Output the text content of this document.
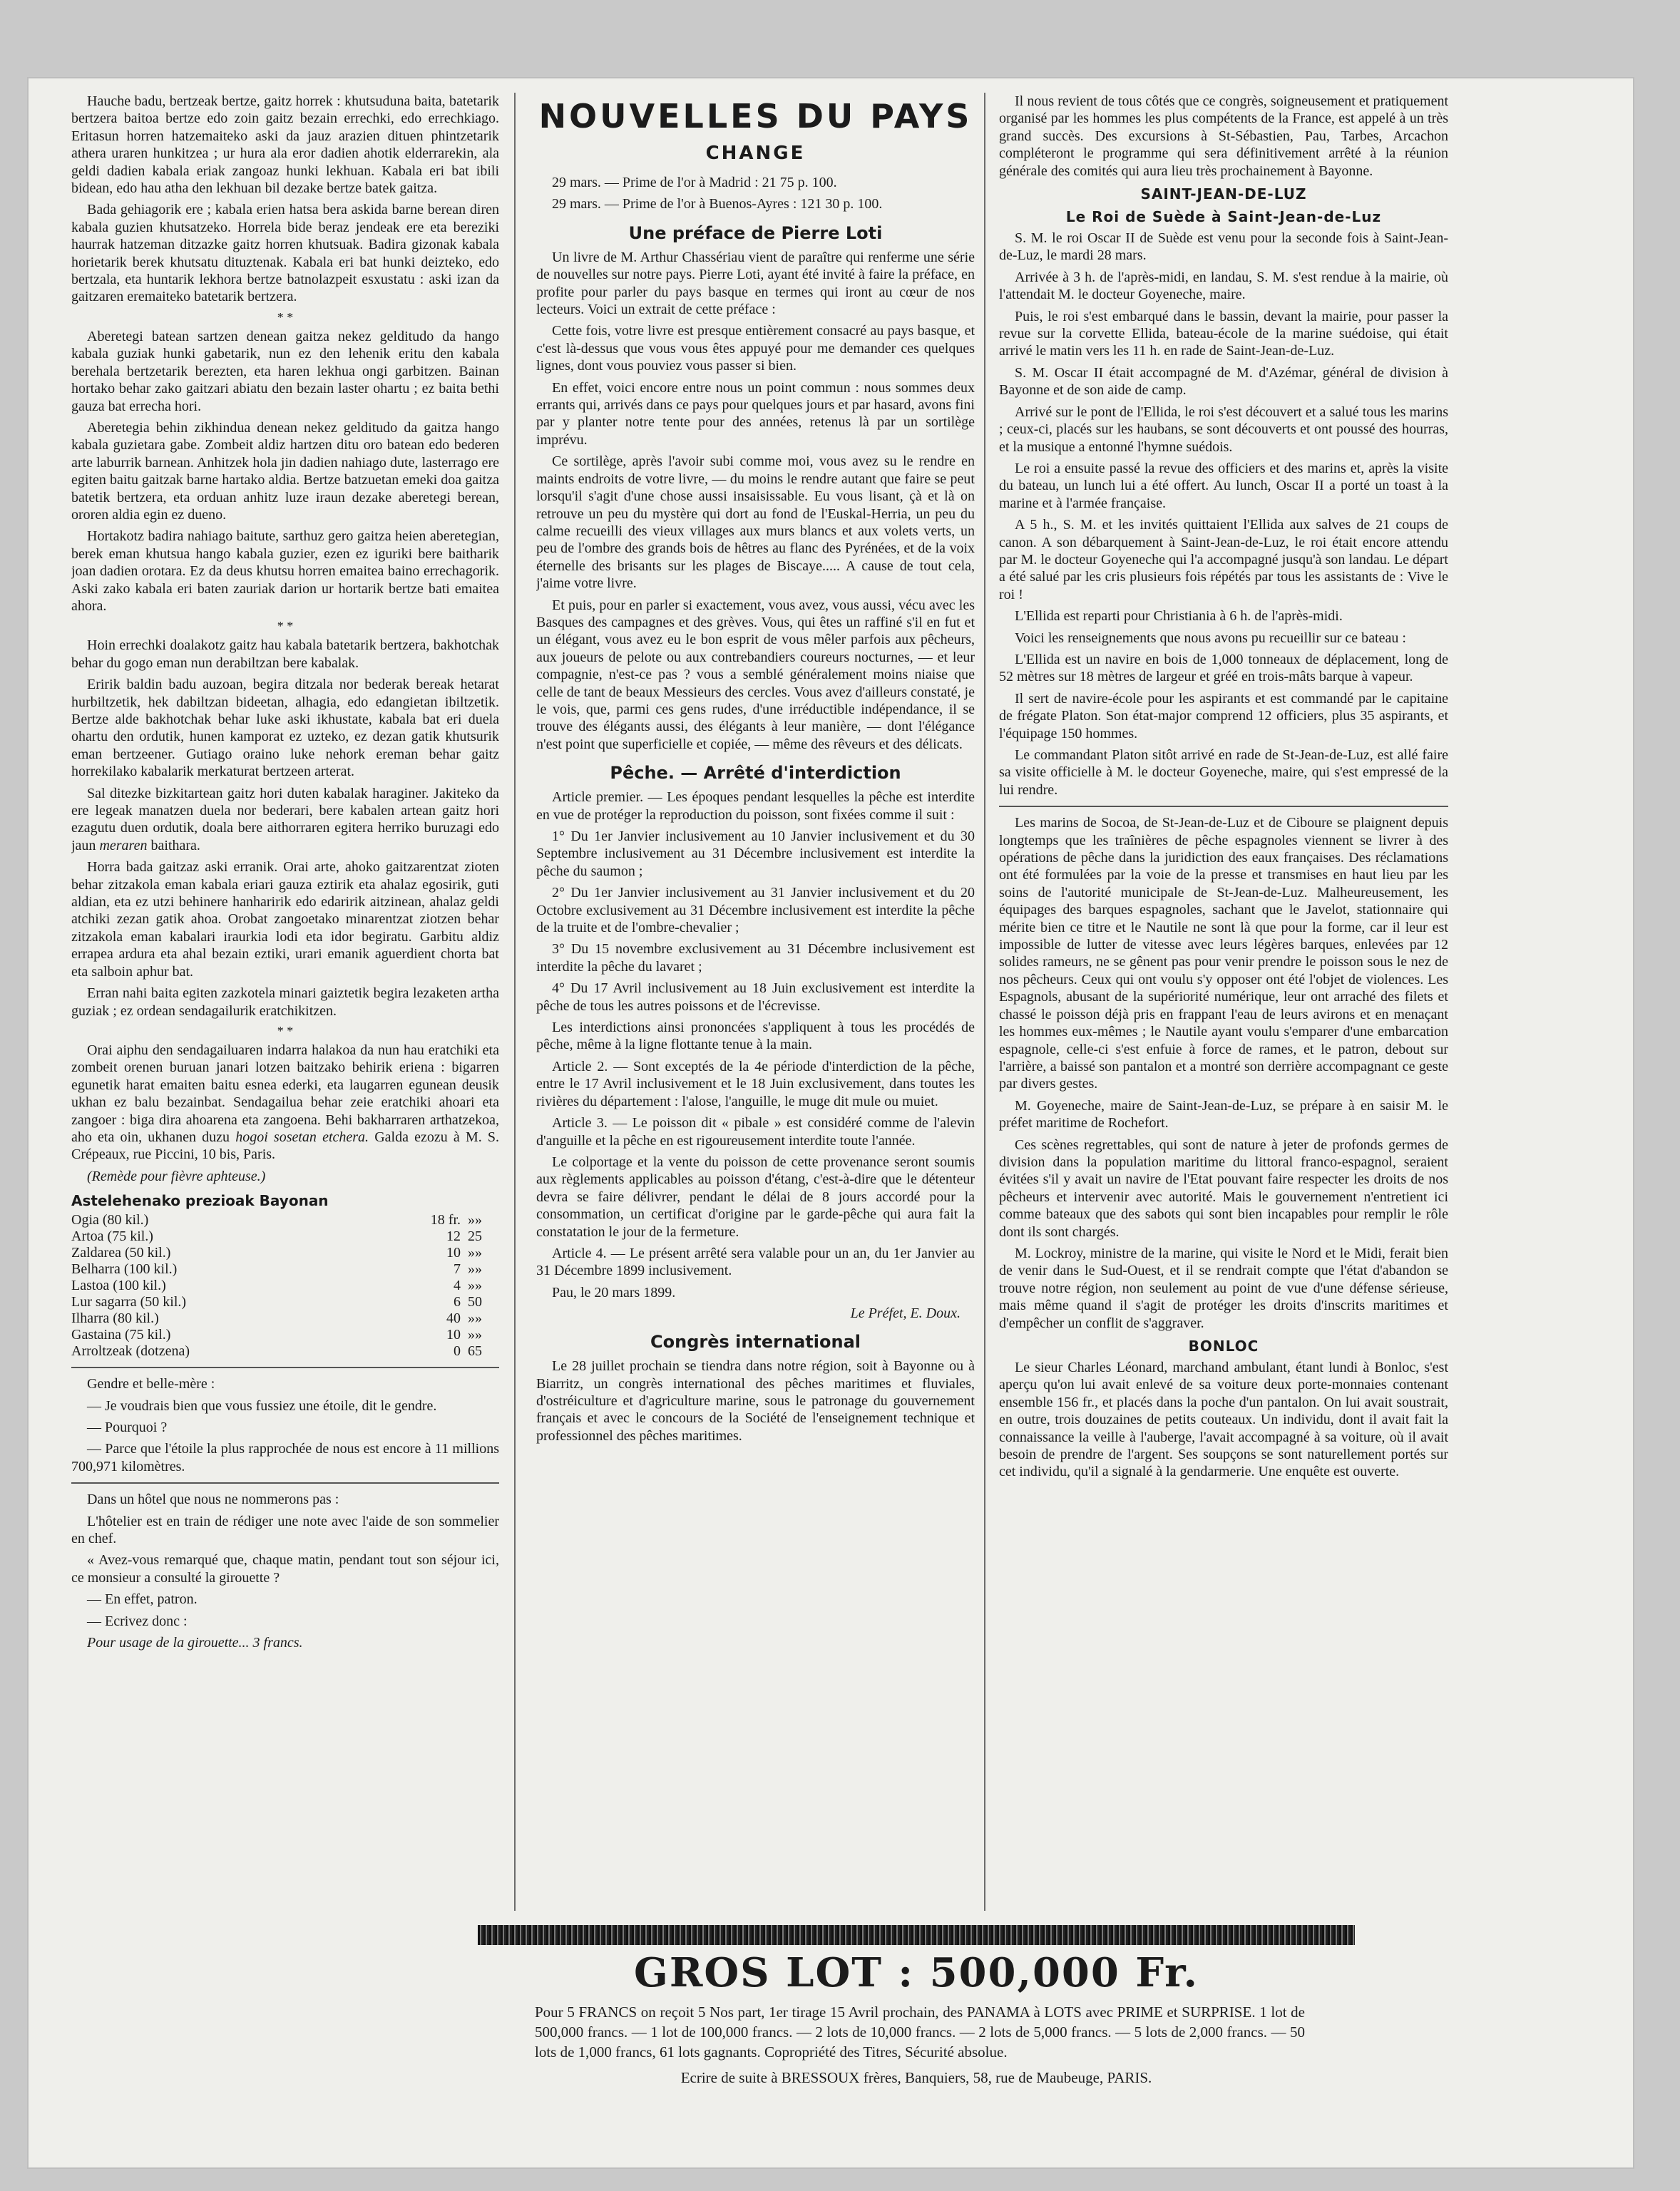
Hauche badu, bertzeak bertze, gaitz horrek : khutsuduna baita, batetarik bertzera baitoa bertze edo zoin gaitz bezain errechki, edo errechkiago. Eritasun horren hatzemaiteko aski da jauz arazien dituen phintzetarik athera uraren hunkitzea ; ur hura ala eror dadien ahotik elderrarekin, ala geldi dadien kabala eriak zangoaz hunki lekhuan. Kabala eri bat ibili bidean, edo hau atha den lekhuan bil dezake bertze batek gaitza.

Bada gehiagorik ere ; kabala erien hatsa bera askida barne berean diren kabala guzien khutsatzeko. Horrela bide beraz jendeak ere eta berezikі haurrak hatzeman ditzazke gaitz horren khutsuak. Badira gizonak kabala horietarik berek khutsatu dituztenak. Kabala eri bat hunki deizteko, edo bertzala, eta huntarik lekhora bertze batnolazpeit esxustatu : aski izan da gaitzaren eremaiteko batetarik bertzera.

* *

Aberetegi batean sartzen denean gaitza nekez gelditudo da hango kabala guziak hunki gabetarik, nun ez den lehenik eritu den kabala berehala bertzetarik berezten, eta haren lekhua ongi garbitzen. Bainan hortako behar zako gaitzari abiatu den bezain laster ohartu ; ez baita bethi gauza bat errecha hori.

Aberetegia behin zikhindua denean nekez gelditudo da gaitza hango kabala guzietara gabe. Zombeit aldiz hartzen ditu oro batean edo bederen arte laburrik barnean. Anhitzek hola jin dadien nahiago dute, lasterrago ere egiten baitu gaitzak barne hartako aldia. Bertze batzuetan emeki doa gaitza batetik bertzera, eta orduan anhitz luze iraun dezake aberetegi berean, ororen aldia egin ez dueno.

Hortakotz badira nahiago baitute, sarthuz gero gaitza heien aberetegian, berek eman khutsua hango kabala guzier, ezen ez iguriki bere baitharik joan dadien orotara. Ez da deus khutsu horren emaitea baino errechagorik. Aski zako kabala eri baten zauriak darion ur hortarik bertze bati emaitea ahora.

* *

Hoin errechki doalakotz gaitz hau kabala batetarik bertzera, bakhotchak behar du gogo eman nun derabiltzan bere kabalak.

Eririk baldin badu auzoan, begira ditzala nor bederak bereak hetarat hurbiltzetik, hek dabiltzan bideetan, alhagia, edo edangietan ibiltzetik. Bertze alde bakhotchak behar luke aski ikhustate, kabala bat eri duela ohartu den ordutik, hunen kamporat ez uzteko, ez dezan gatik khutsurik eman bertzeener. Gutiago oraino luke nehork ereman behar gaitz horrekilako kabalarik merkaturat bertzeen arterat.

Sal ditezke bizkitartean gaitz hori duten kabalak haraginer. Jakiteko da ere legeak manatzen duela nor bederari, bere kabalen artean gaitz hori ezagutu duen ordutik, doala bere aithorraren egitera herriko buruzagi edo jaun meraren baithara.

Horra bada gaitzaz aski erranik. Orai arte, ahoko gaitzarentzat zioten behar zitzakola eman kabala eriari gauza eztirik eta ahalaz egosirik, guti aldian, eta ez utzi behinere hanharirik edo edaririk aitzinean, ahalaz geldi atchiki zezan gatik ahoa. Orobat zangoetako minarentzat ziotzen behar zitzakola eman kabalari iraurkia lodi eta idor begiratu. Garbitu aldiz errapea ardura eta ahal bezain eztiki, urari emanik aguerdient chorta bat eta salboin aphur bat.

Erran nahi baita egiten zazkotela minari gaiztetik begira lezaketen artha guziak ; ez ordean sendagailurik eratchikitzen.

* *

Orai aiphu den sendagailuaren indarra halakoa da nun hau eratchiki eta zombeit orenen buruan janari lotzen baitzako behirik eriena : bigarren egunetik harat emaiten baitu esnea ederki, eta laugarren egunean deusik ukhan ez balu bezainbat. Sendagailua behar zeie eratchiki ahoari eta zangoer : biga dira ahoarena eta zangoena. Behi bakharraren arthatzekoa, aho eta oin, ukhanen duzu hogoi sosetan etchera. Galda ezozu à M. S. Crépeaux, rue Piccini, 10 bis, Paris.

(Remède pour fièvre aphteuse.)

Astelehenako prezioak Bayonan
Ogia (80 kil.)	18 fr.	»»
Artoa (75 kil.)	12	25
Zaldarea (50 kil.)	10	»»
Belharra (100 kil.)	7	»»
Lastoa (100 kil.)	4	»»
Lur sagarra (50 kil.)	6	50
Ilharra (80 kil.)	40	»»
Gastaina (75 kil.)	10	»»
Arroltzeak (dotzena)	0	65

Gendre et belle-mère :

— Je voudrais bien que vous fussiez une étoile, dit le gendre.

— Pourquoi ?

— Parce que l'étoile la plus rapprochée de nous est encore à 11 millions 700,971 kilomètres.

Dans un hôtel que nous ne nommerons pas :

L'hôtelier est en train de rédiger une note avec l'aide de son sommelier en chef.

« Avez-vous remarqué que, chaque matin, pendant tout son séjour ici, ce monsieur a consulté la girouette ?

— En effet, patron.

— Ecrivez donc :

Pour usage de la girouette... 3 francs.

NOUVELLES DU PAYS
CHANGE

29 mars. — Prime de l'or à Madrid : 21 75 p. 100.

29 mars. — Prime de l'or à Buenos-Ayres : 121 30 p. 100.

Une préface de Pierre Loti

Un livre de M. Arthur Chassériau vient de paraître qui renferme une série de nouvelles sur notre pays. Pierre Loti, ayant été invité à faire la préface, en profite pour parler du pays basque en termes qui iront au cœur de nos lecteurs. Voici un extrait de cette préface :

Cette fois, votre livre est presque entièrement consacré au pays basque, et c'est là-dessus que vous vous êtes appuyé pour me demander ces quelques lignes, dont vous pouviez vous passer si bien.

En effet, voici encore entre nous un point commun : nous sommes deux errants qui, arrivés dans ce pays pour quelques jours et par hasard, avons fini par y planter notre tente pour des années, retenus là par un sortilège imprévu.

Ce sortilège, après l'avoir subi comme moi, vous avez su le rendre en maints endroits de votre livre, — du moins le rendre autant que faire se peut lorsqu'il s'agit d'une chose aussi insaisissable. Eu vous lisant, çà et là on retrouve un peu du mystère qui dort au fond de l'Euskal-Herria, un peu du calme recueilli des vieux villages aux murs blancs et aux volets verts, un peu de l'ombre des grands bois de hêtres au flanc des Pyrénées, et de la voix éternelle des brisants sur les plages de Biscaye..... A cause de tout cela, j'aime votre livre.

Et puis, pour en parler si exactement, vous avez, vous aussi, vécu avec les Basques des campagnes et des grèves. Vous, qui êtes un raffiné s'il en fut et un élégant, vous avez eu le bon esprit de vous mêler parfois aux pêcheurs, aux joueurs de pelote ou aux contrebandiers coureurs nocturnes, — et leur compagnie, n'est-ce pas ? vous a semblé généralement moins niaise que celle de tant de beaux Messieurs des cercles. Vous avez d'ailleurs constaté, je le vois, que, parmi ces gens rudes, d'une irréductible indépendance, il se trouve des élégants aussi, des élégants à leur manière, — dont l'élégance n'est point que superficielle et copiée, — même des rêveurs et des délicats.

Pêche. — Arrêté d'interdiction

Article premier. — Les époques pendant lesquelles la pêche est interdite en vue de protéger la reproduction du poisson, sont fixées comme il suit :

1° Du 1er Janvier inclusivement au 10 Janvier inclusivement et du 30 Septembre inclusivement au 31 Décembre inclusivement est interdite la pêche du saumon ;

2° Du 1er Janvier inclusivement au 31 Janvier inclusivement et du 20 Octobre exclusivement au 31 Décembre inclusivement est interdite la pêche de la truite et de l'ombre-chevalier ;

3° Du 15 novembre exclusivement au 31 Décembre inclusivement est interdite la pêche du lavaret ;

4° Du 17 Avril inclusivement au 18 Juin exclusivement est interdite la pêche de tous les autres poissons et de l'écrevisse.

Les interdictions ainsi prononcées s'appliquent à tous les procédés de pêche, même à la ligne flottante tenue à la main.

Article 2. — Sont exceptés de la 4e période d'interdiction de la pêche, entre le 17 Avril inclusivement et le 18 Juin exclusivement, dans toutes les rivières du département : l'alose, l'anguille, le muge dit mule ou muiet.

Article 3. — Le poisson dit « pibale » est considéré comme de l'alevin d'anguille et la pêche en est rigoureusement interdite toute l'année.

Le colportage et la vente du poisson de cette provenance seront soumis aux règlements applicables au poisson d'étang, c'est-à-dire que le détenteur devra se faire délivrer, pendant le délai de 8 jours accordé pour la consommation, un certificat d'origine par le garde-pêche qui aura fait la constatation le jour de la fermeture.

Article 4. — Le présent arrêté sera valable pour un an, du 1er Janvier au 31 Décembre 1899 inclusivement.

Pau, le 20 mars 1899.

Le Préfet, E. Doux.
Congrès international

Le 28 juillet prochain se tiendra dans notre région, soit à Bayonne ou à Biarritz, un congrès international des pêches maritimes et fluviales, d'ostréiculture et d'agriculture marine, sous le patronage du gouvernement français et avec le concours de la Société de l'enseignement technique et professionnel des pêches maritimes.

Il nous revient de tous côtés que ce congrès, soigneusement et pratiquement organisé par les hommes les plus compétents de la France, est appelé à un très grand succès. Des excursions à St-Sébastien, Pau, Tarbes, Arcachon compléteront le programme qui sera définitivement arrêté à la réunion générale des comités qui aura lieu très prochainement à Bayonne.

SAINT-JEAN-DE-LUZ
Le Roi de Suède à Saint-Jean-de-Luz

S. M. le roi Oscar II de Suède est venu pour la seconde fois à Saint-Jean-de-Luz, le mardi 28 mars.

Arrivée à 3 h. de l'après-midi, en landau, S. M. s'est rendue à la mairie, où l'attendait M. le docteur Goyeneche, maire.

Puis, le roi s'est embarqué dans le bassin, devant la mairie, pour passer la revue sur la corvette Ellida, bateau-école de la marine suédoise, qui était arrivé le matin vers les 11 h. en rade de Saint-Jean-de-Luz.

S. M. Oscar II était accompagné de M. d'Azémar, général de division à Bayonne et de son aide de camp.

Arrivé sur le pont de l'Ellida, le roi s'est découvert et a salué tous les marins ; ceux-ci, placés sur les haubans, se sont découverts et ont poussé des hourras, et la musique a entonné l'hymne suédois.

Le roi a ensuite passé la revue des officiers et des marins et, après la visite du bateau, un lunch lui a été offert. Au lunch, Oscar II a porté un toast à la marine et à l'armée française.

A 5 h., S. M. et les invités quittaient l'Ellida aux salves de 21 coups de canon. A son débarquement à Saint-Jean-de-Luz, le roi était encore attendu par M. le docteur Goyeneche qui l'a accompagné jusqu'à son landau. Le départ a été salué par les cris plusieurs fois répétés par tous les assistants de : Vive le roi !

L'Ellida est reparti pour Christiania à 6 h. de l'après-midi.

Voici les renseignements que nous avons pu recueillir sur ce bateau :

L'Ellida est un navire en bois de 1,000 tonneaux de déplacement, long de 52 mètres sur 18 mètres de largeur et gréé en trois-mâts barque à vapeur.

Il sert de navire-école pour les aspirants et est commandé par le capitaine de frégate Platon. Son état-major comprend 12 officiers, plus 35 aspirants, et l'équipage 150 hommes.

Le commandant Platon sitôt arrivé en rade de St-Jean-de-Luz, est allé faire sa visite officielle à M. le docteur Goyeneche, maire, qui s'est empressé de la lui rendre.

Les marins de Socoa, de St-Jean-de-Luz et de Ciboure se plaignent depuis longtemps que les traînières de pêche espagnoles viennent se livrer à des opérations de pêche dans la juridiction des eaux françaises. Des réclamations ont été formulées par la voie de la presse et transmises en haut lieu par les soins de l'autorité municipale de St-Jean-de-Luz. Malheureusement, les équipages des barques espagnoles, sachant que le Javelot, stationnaire qui mérite bien ce titre et le Nautile ne sont là que pour la forme, car il leur est impossible de lutter de vitesse avec leurs légères barques, enlevées par 12 solides rameurs, ne se gênent pas pour venir prendre le poisson sous le nez de nos pêcheurs. Ceux qui ont voulu s'y opposer ont été l'objet de violences. Les Espagnols, abusant de la supériorité numérique, leur ont arraché des filets et chassé le poisson déjà pris en frappant l'eau de leurs avirons et en menaçant les hommes eux-mêmes ; le Nautile ayant voulu s'emparer d'une embarcation espagnole, celle-ci s'est enfuie à force de rames, et le patron, debout sur l'arrière, a baissé son pantalon et a montré son derrière accompagnant ce geste par divers gestes.

M. Goyeneche, maire de Saint-Jean-de-Luz, se prépare à en saisir M. le préfet maritime de Rochefort.

Ces scènes regrettables, qui sont de nature à jeter de profonds germes de division dans la population maritime du littoral franco-espagnol, seraient évitées s'il y avait un navire de l'Etat pouvant faire respecter les droits de nos pêcheurs et intervenir avec autorité. Mais le gouvernement n'entretient ici comme bateaux que des sabots qui sont bien incapables pour remplir le rôle dont ils sont chargés.

M. Lockroy, ministre de la marine, qui visite le Nord et le Midi, ferait bien de venir dans le Sud-Ouest, et il se rendrait compte que l'état d'abandon se trouve notre région, non seulement au point de vue d'une défense sérieuse, mais même quand il s'agit de protéger les droits d'inscrits maritimes et d'empêcher un conflit de s'aggraver.

BONLOC

Le sieur Charles Léonard, marchand ambulant, étant lundi à Bonloc, s'est aperçu qu'on lui avait enlevé de sa voiture deux porte-monnaies contenant ensemble 156 fr., et placés dans la poche d'un pantalon. On lui avait soustrait, en outre, trois douzaines de petits couteaux. Un individu, dont il avait fait la connaissance la veille à l'auberge, l'avait accompagné à sa voiture, où il avait besoin de prendre de l'argent. Ses soupçons se sont naturellement portés sur cet individu, qu'il a signalé à la gendarmerie. Une enquête est ouverte.

GROS LOT : 500,000 Fr.

Pour 5 FRANCS on reçoit 5 Nos part, 1er tirage 15 Avril prochain, des PANAMA à LOTS avec PRIME et SURPRISE. 1 lot de 500,000 francs. — 1 lot de 100,000 francs. — 2 lots de 10,000 francs. — 2 lots de 5,000 francs. — 5 lots de 2,000 francs. — 50 lots de 1,000 francs, 61 lots gagnants. Copropriété des Titres, Sécurité absolue.

Ecrire de suite à BRESSOUX frères, Banquiers, 58, rue de Maubeuge, PARIS.
